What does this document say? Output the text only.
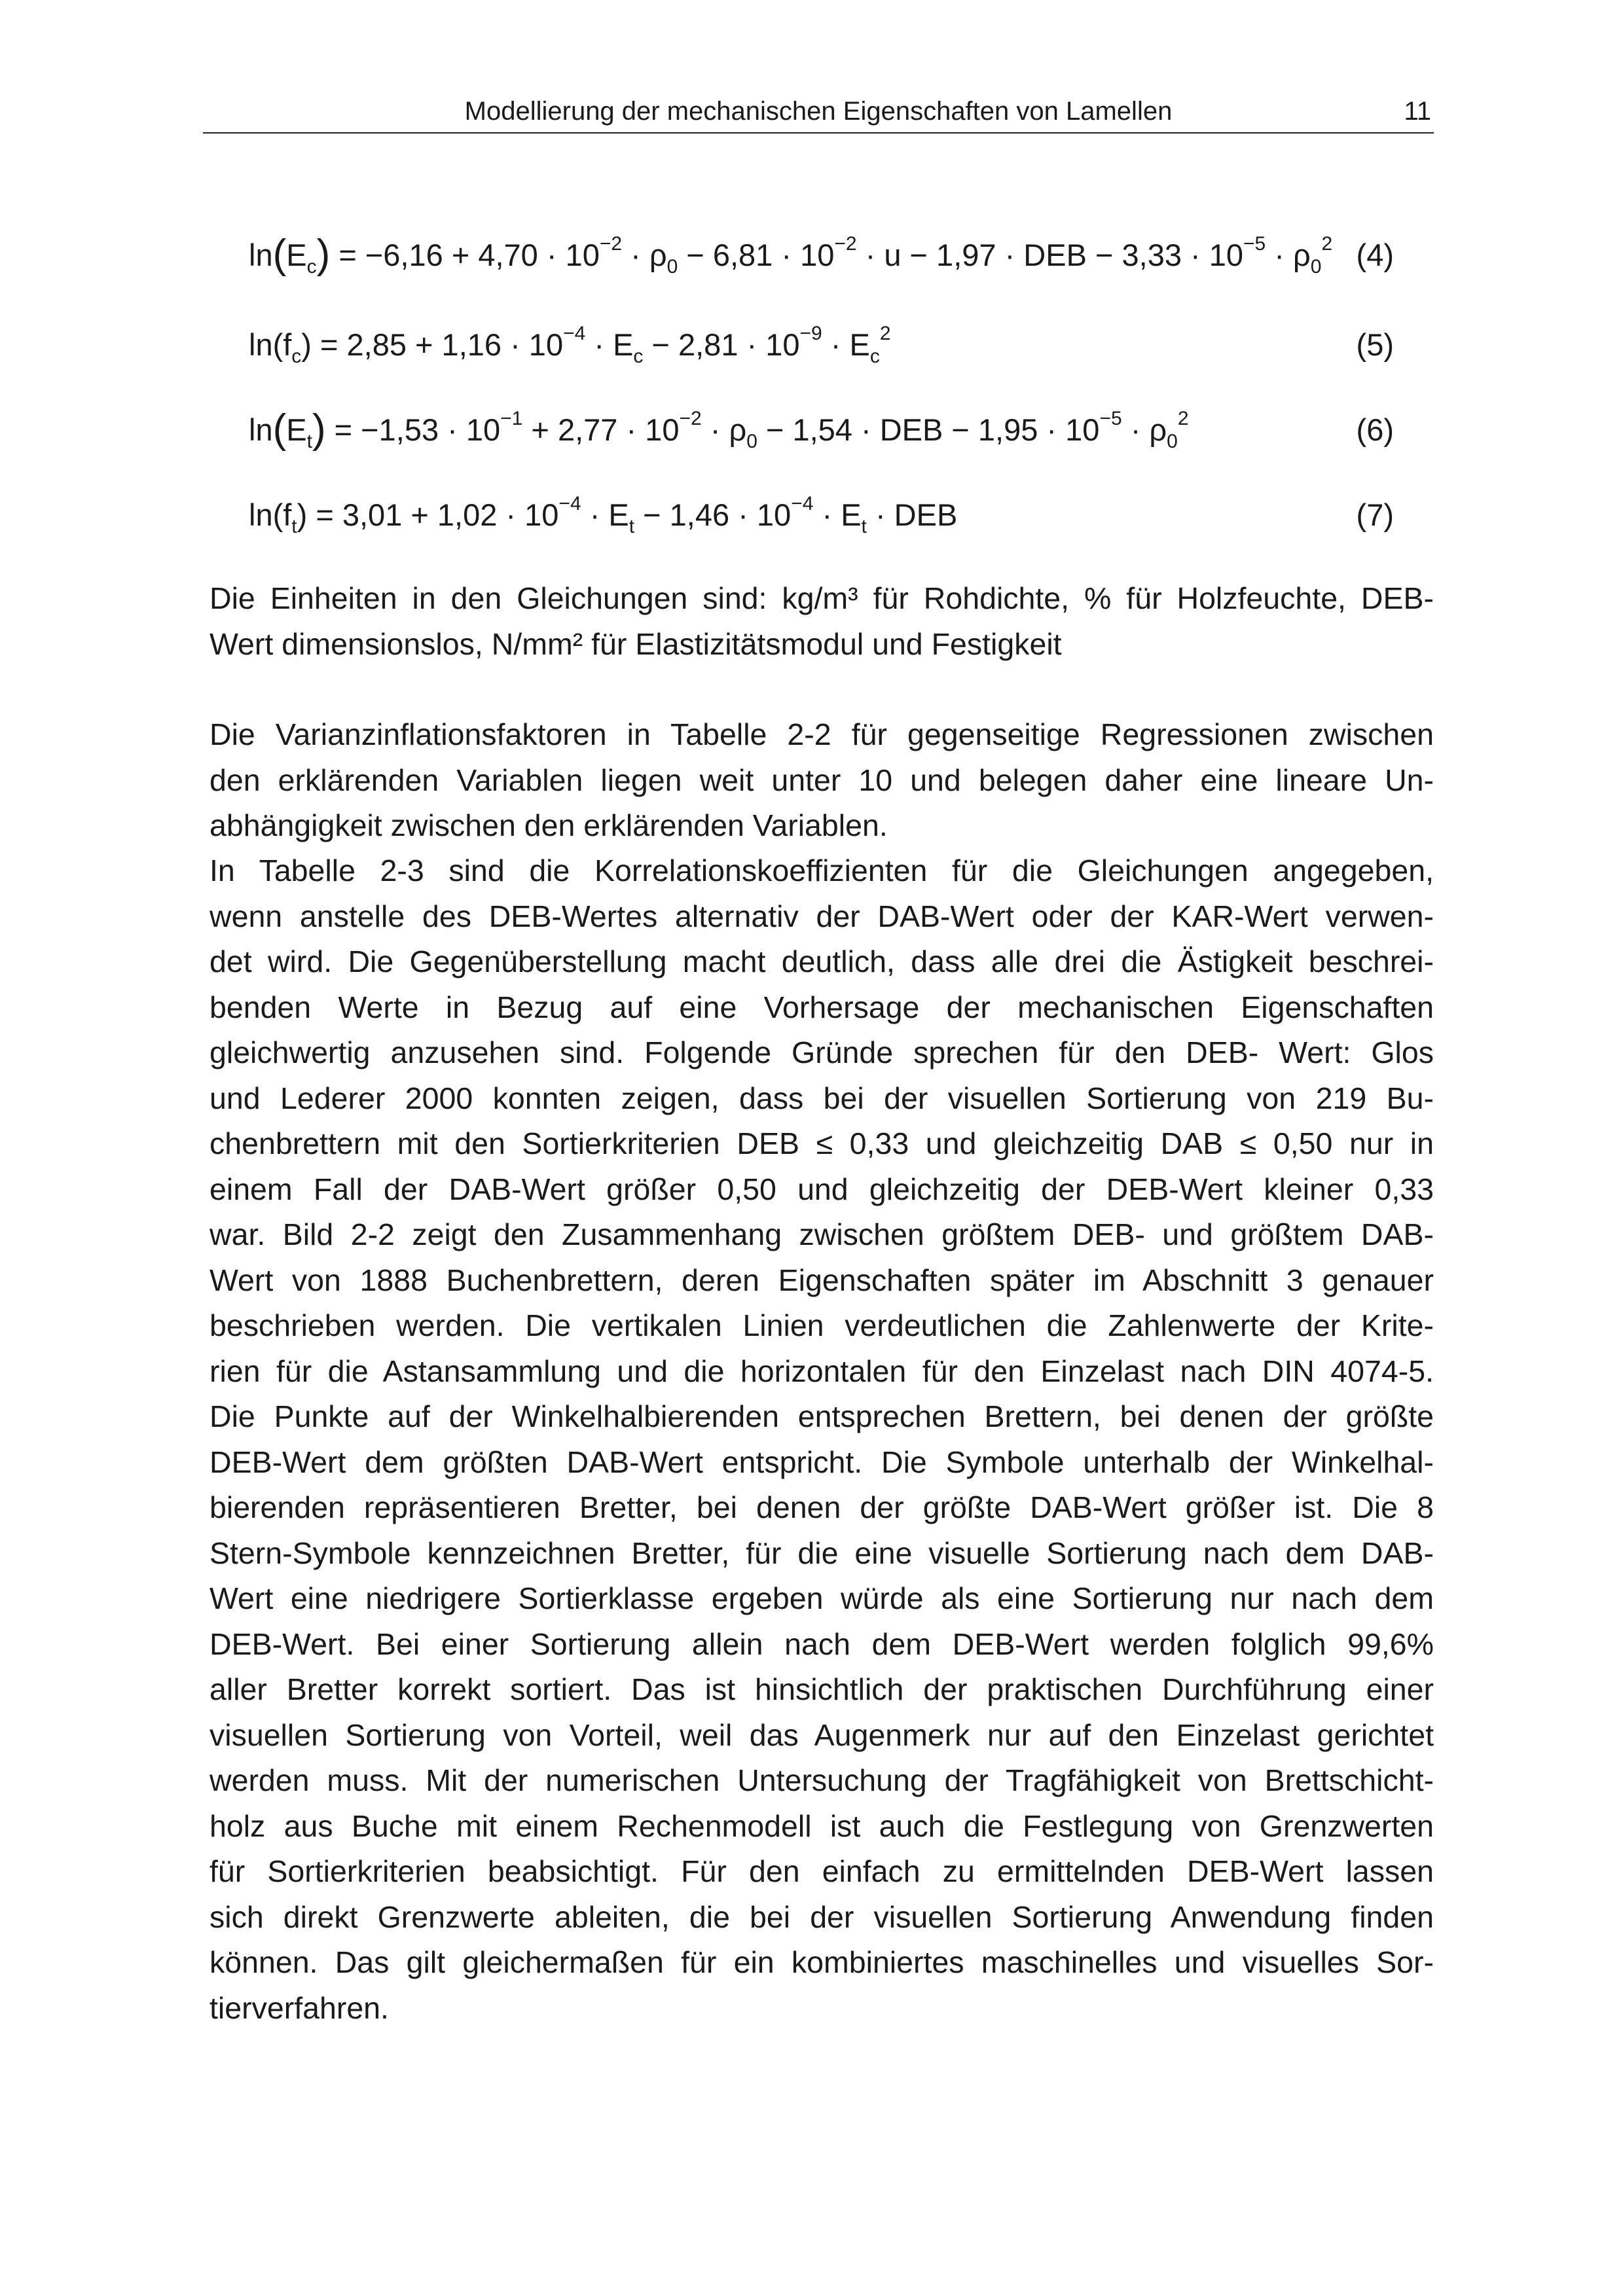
Modellierung der mechanischen Eigenschaften von Lamellen	11
$\ln(E_c) = -6,16 + 4,70 \cdot 10^{-2} \cdot \rho_0 - 6,81 \cdot 10^{-2} \cdot u - 1,97$ · DEB − $3,33 \cdot 10^{-5} \cdot \rho_0^2$ (4)
$\ln(f_c) = 2,85 + 1,16 \cdot 10^{-4} \cdot E_c - 2,81 \cdot 10^{-9} \cdot E_c^2$	(5)
$\ln(E_t) = -1,53 \cdot 10^{-1} + 2,77 \cdot 10^{-2} \cdot \rho_0 - 1,54$ · DEB − $1,95 \cdot 10^{-5} \cdot \rho_0^2$	(6)
$\ln(f_t) = 3,01 + 1,02 \cdot 10^{-4} \cdot E_t - 1,46 \cdot 10^{-4} \cdot E_t$ · DEB	(7)
Die Einheiten in den Gleichungen sind: kg/m³ für Rohdichte, % für Holzfeuchte, DEB-
Wert dimensionslos, N/mm² für Elastizitätsmodul und Festigkeit
Die Varianzinflationsfaktoren in Tabelle 2-2 für gegenseitige Regressionen zwischen
den erklärenden Variablen liegen weit unter 10 und belegen daher eine lineare Un-
abhängigkeit zwischen den erklärenden Variablen.
In Tabelle 2-3 sind die Korrelationskoeffizienten für die Gleichungen angegeben,
wenn anstelle des DEB-Wertes alternativ der DAB-Wert oder der KAR-Wert verwen-
det wird. Die Gegenüberstellung macht deutlich, dass alle drei die Ästigkeit beschrei-
benden Werte in Bezug auf eine Vorhersage der mechanischen Eigenschaften
gleichwertig anzusehen sind. Folgende Gründe sprechen für den DEB- Wert: Glos
und Lederer 2000 konnten zeigen, dass bei der visuellen Sortierung von 219 Bu-
chenbrettern mit den Sortierkriterien DEB ≤ 0,33 und gleichzeitig DAB ≤ 0,50 nur in
einem Fall der DAB-Wert größer 0,50 und gleichzeitig der DEB-Wert kleiner 0,33
war. Bild 2-2 zeigt den Zusammenhang zwischen größtem DEB- und größtem DAB-
Wert von 1888 Buchenbrettern, deren Eigenschaften später im Abschnitt 3 genauer
beschrieben werden. Die vertikalen Linien verdeutlichen die Zahlenwerte der Krite-
rien für die Astansammlung und die horizontalen für den Einzelast nach DIN 4074-5.
Die Punkte auf der Winkelhalbierenden entsprechen Brettern, bei denen der größte
DEB-Wert dem größten DAB-Wert entspricht. Die Symbole unterhalb der Winkelhal-
bierenden repräsentieren Bretter, bei denen der größte DAB-Wert größer ist. Die 8
Stern-Symbole kennzeichnen Bretter, für die eine visuelle Sortierung nach dem DAB-
Wert eine niedrigere Sortierklasse ergeben würde als eine Sortierung nur nach dem
DEB-Wert. Bei einer Sortierung allein nach dem DEB-Wert werden folglich 99,6%
aller Bretter korrekt sortiert. Das ist hinsichtlich der praktischen Durchführung einer
visuellen Sortierung von Vorteil, weil das Augenmerk nur auf den Einzelast gerichtet
werden muss. Mit der numerischen Untersuchung der Tragfähigkeit von Brettschicht-
holz aus Buche mit einem Rechenmodell ist auch die Festlegung von Grenzwerten
für Sortierkriterien beabsichtigt. Für den einfach zu ermittelnden DEB-Wert lassen
sich direkt Grenzwerte ableiten, die bei der visuellen Sortierung Anwendung finden
können. Das gilt gleichermaßen für ein kombiniertes maschinelles und visuelles Sor-
tierverfahren.
